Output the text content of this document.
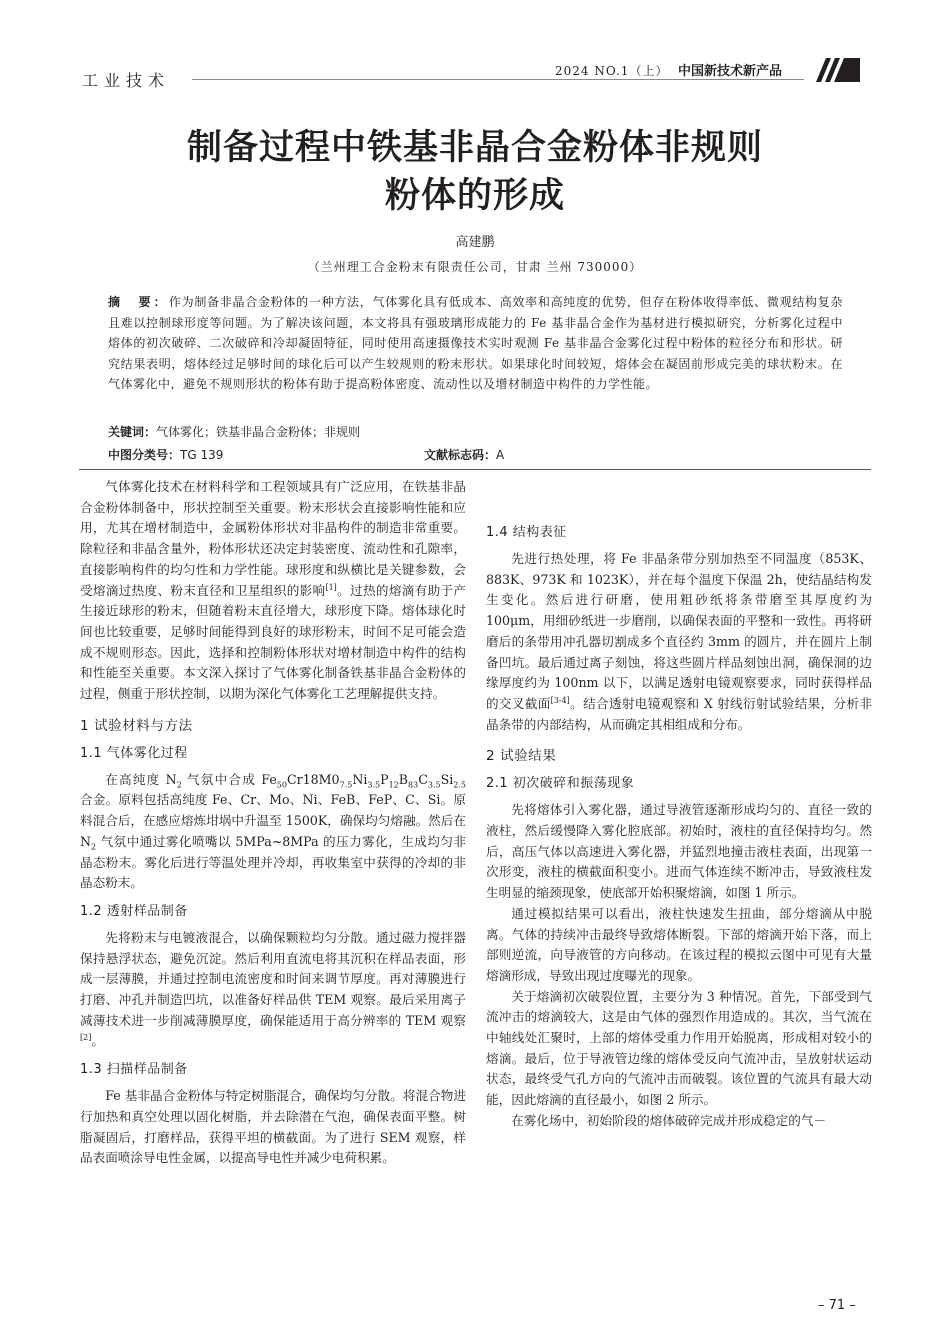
工业技术	2024 NO.1（上） 中国新技术新产品
制备过程中铁基非晶合金粉体非规则
粉体的形成
高建鹏
（兰州理工合金粉末有限责任公司，甘肃 兰州 730000）
摘　要：作为制备非晶合金粉体的一种方法，气体雾化具有低成本、高效率和高纯度的优势，但存在粉体收得率低、微观结构复杂且难以控制球形度等问题。为了解决该问题，本文将具有强玻璃形成能力的 Fe 基非晶合金作为基材进行模拟研究，分析雾化过程中熔体的初次破碎、二次破碎和冷却凝固特征，同时使用高速摄像技术实时观测 Fe 基非晶合金雾化过程中粉体的粒径分布和形状。研究结果表明，熔体经过足够时间的球化后可以产生较规则的粉末形状。如果球化时间较短，熔体会在凝固前形成完美的球状粉末。在气体雾化中，避免不规则形状的粉体有助于提高粉体密度、流动性以及增材制造中构件的力学性能。
关键词：气体雾化；铁基非晶合金粉体；非规则
中图分类号：TG 139	文献标志码：A

气体雾化技术在材料科学和工程领域具有广泛应用，在铁基非晶合金粉体制备中，形状控制至关重要。粉末形状会直接影响性能和应用，尤其在增材制造中，金属粉体形状对非晶构件的制造非常重要。除粒径和非晶含量外，粉体形状还决定封装密度、流动性和孔隙率，直接影响构件的均匀性和力学性能。球形度和纵横比是关键参数，会受熔滴过热度、粉末直径和卫星组织的影响[1]。过热的熔滴有助于产生接近球形的粉末，但随着粉末直径增大，球形度下降。熔体球化时间也比较重要，足够时间能得到良好的球形粉末，时间不足可能会造成不规则形态。因此，选择和控制粉体形状对增材制造中构件的结构和性能至关重要。本文深入探讨了气体雾化制备铁基非晶合金粉体的过程，侧重于形状控制，以期为深化气体雾化工艺理解提供支持。

1 试验材料与方法
1.1 气体雾化过程

在高纯度 $N_2$ 气氛中合成 $Fe_{50}Cr18M0_{7.5}Ni_{3.5}P_{12}B_{83}C_{3.5}Si_{2.5}$ 合金。原料包括高纯度 Fe、Cr、Mo、Ni、FeB、FeP、C、Si。原料混合后，在感应熔炼坩埚中升温至 1500K，确保均匀熔融。然后在 $N_2$ 气氛中通过雾化喷嘴以 5MPa~8MPa 的压力雾化，生成均匀非晶态粉末。雾化后进行等温处理并冷却，再收集室中获得的冷却的非晶态粉末。

1.2 透射样品制备

先将粉末与电镀液混合，以确保颗粒均匀分散。通过磁力搅拌器保持悬浮状态，避免沉淀。然后利用直流电将其沉积在样品表面，形成一层薄膜，并通过控制电流密度和时间来调节厚度。再对薄膜进行打磨、冲孔并制造凹坑，以准备好样品供 TEM 观察。最后采用离子减薄技术进一步削减薄膜厚度，确保能适用于高分辨率的 TEM 观察[2]。

1.3 扫描样品制备

Fe 基非晶合金粉体与特定树脂混合，确保均匀分散。将混合物进行加热和真空处理以固化树脂，并去除潜在气泡，确保表面平整。树脂凝固后，打磨样品，获得平坦的横截面。为了进行 SEM 观察，样品表面喷涂导电性金属，以提高导电性并减少电荷积累。

1.4 结构表征

先进行热处理，将 Fe 非晶条带分别加热至不同温度（853K、883K、973K 和 1023K），并在每个温度下保温 2h，使结晶结构发生变化。然后进行研磨，使用粗砂纸将条带磨至其厚度约为 100μm，用细砂纸进一步磨削，以确保表面的平整和一致性。再将研磨后的条带用冲孔器切割成多个直径约 3mm 的圆片，并在圆片上制备凹坑。最后通过离子刻蚀，将这些圆片样品刻蚀出洞，确保洞的边缘厚度约为 100nm 以下，以满足透射电镜观察要求，同时获得样品的交叉截面[3-4]。结合透射电镜观察和 X 射线衍射试验结果，分析非晶条带的内部结构，从而确定其相组成和分布。

2 试验结果
2.1 初次破碎和振荡现象

先将熔体引入雾化器，通过导液管逐渐形成均匀的、直径一致的液柱，然后缓慢降入雾化腔底部。初始时，液柱的直径保持均匀。然后，高压气体以高速进入雾化器，并猛烈地撞击液柱表面，出现第一次形变，液柱的横截面积变小。进而气体连续不断冲击，导致液柱发生明显的缩颈现象，使底部开始积聚熔滴，如图 1 所示。

通过模拟结果可以看出，液柱快速发生扭曲，部分熔滴从中脱离。气体的持续冲击最终导致熔体断裂。下部的熔滴开始下落，而上部则逆流，向导液管的方向移动。在该过程的模拟云图中可见有大量熔滴形成，导致出现过度曝光的现象。

关于熔滴初次破裂位置，主要分为 3 种情况。首先，下部受到气流冲击的熔滴较大，这是由气体的强烈作用造成的。其次，当气流在中轴线处汇聚时，上部的熔体受重力作用开始脱离，形成相对较小的熔滴。最后，位于导液管边缘的熔体受反向气流冲击，呈放射状运动状态，最终受气孔方向的气流冲击而破裂。该位置的气流具有最大动能，因此熔滴的直径最小，如图 2 所示。

在雾化场中，初始阶段的熔体破碎完成并形成稳定的气－

– 71 –
